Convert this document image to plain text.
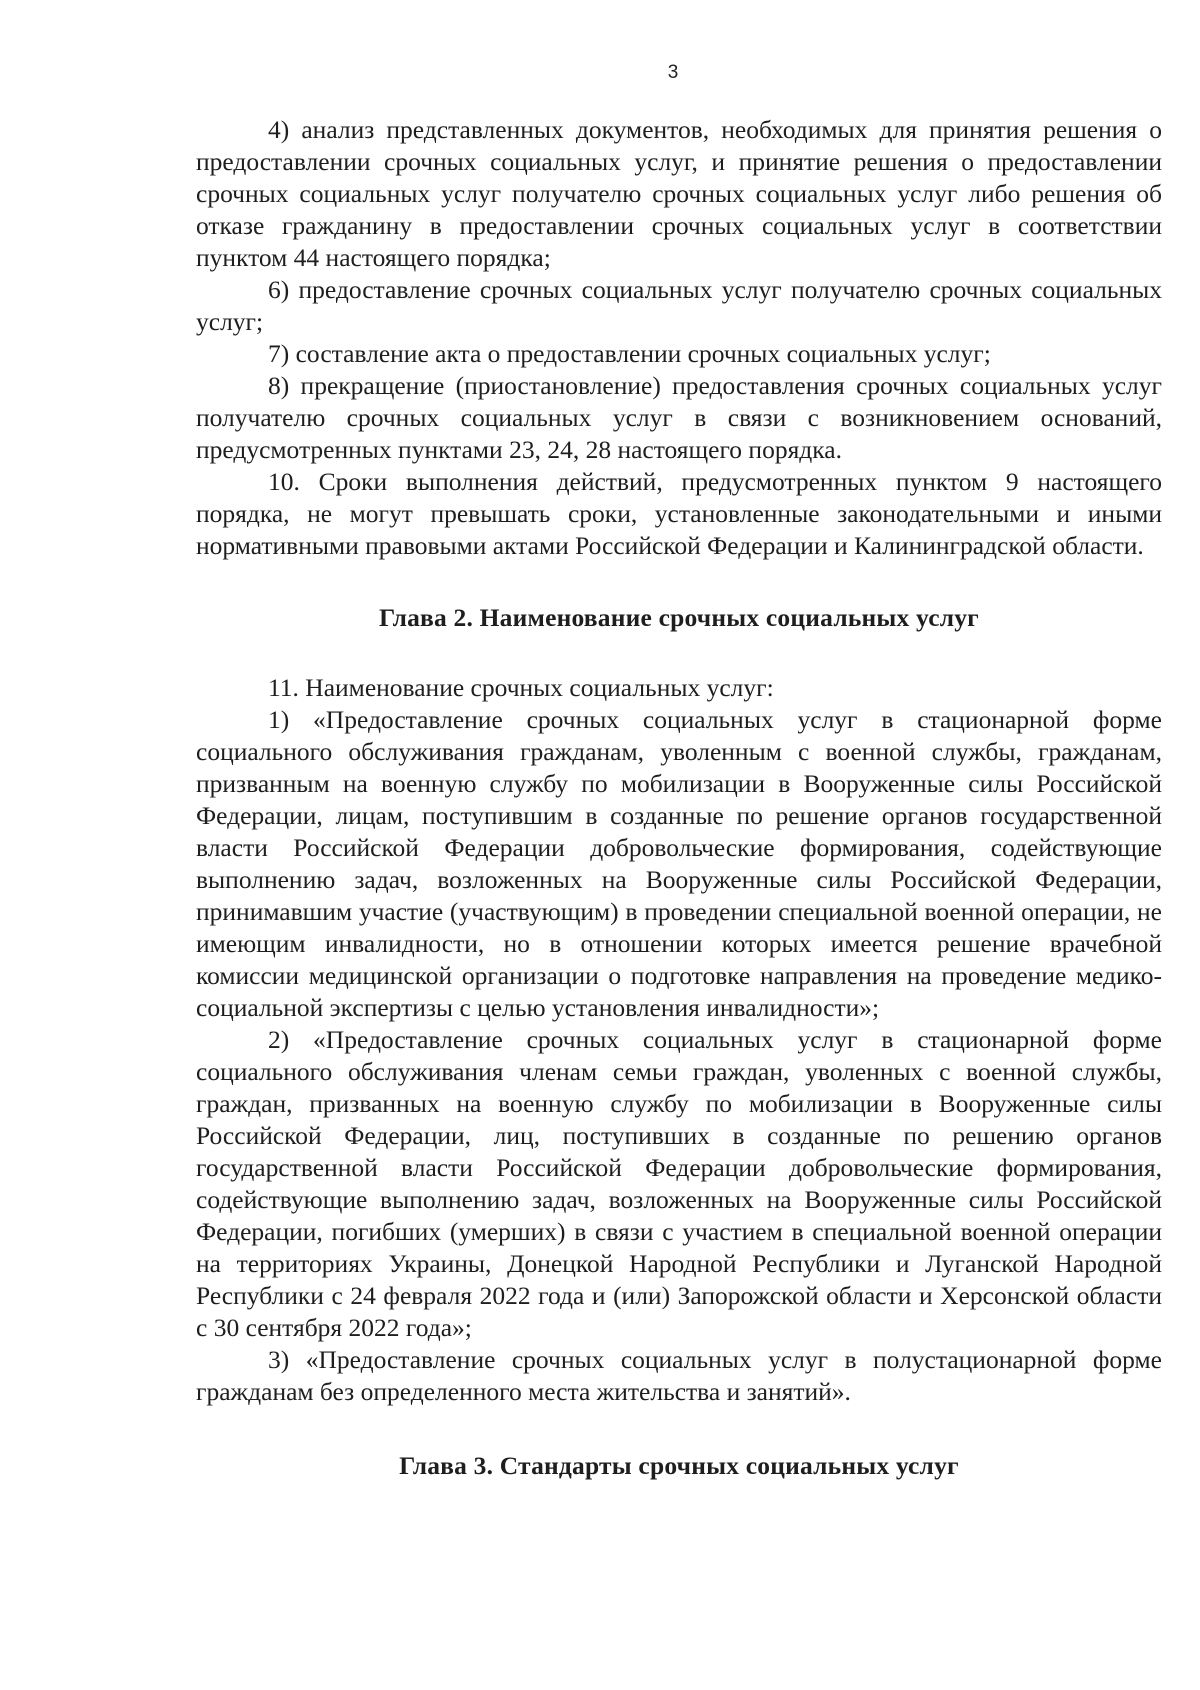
3

4) анализ представленных документов, необходимых для принятия решения о предоставлении срочных социальных услуг, и принятие решения о предоставлении срочных социальных услуг получателю срочных социальных услуг либо решения об отказе гражданину в предоставлении срочных социальных услуг в соответствии пунктом 44 настоящего порядка;

6) предоставление срочных социальных услуг получателю срочных социальных услуг;

7) составление акта о предоставлении срочных социальных услуг;

8) прекращение (приостановление) предоставления срочных социальных услуг получателю срочных социальных услуг в связи с возникновением оснований, предусмотренных пунктами 23, 24, 28 настоящего порядка.

10. Сроки выполнения действий, предусмотренных пунктом 9 настоящего порядка, не могут превышать сроки, установленные законодательными и иными нормативными правовыми актами Российской Федерации и Калининградской области.

Глава 2. Наименование срочных социальных услуг

11. Наименование срочных социальных услуг:

1) «Предоставление срочных социальных услуг в стационарной форме социального обслуживания гражданам, уволенным с военной службы, гражданам, призванным на военную службу по мобилизации в Вооруженные силы Российской Федерации, лицам, поступившим в созданные по решение органов государственной власти Российской Федерации добровольческие формирования, содействующие выполнению задач, возложенных на Вооруженные силы Российской Федерации, принимавшим участие (участвующим) в проведении специальной военной операции, не имеющим инвалидности, но в отношении которых имеется решение врачебной комиссии медицинской организации о подготовке направления на проведение медико-социальной экспертизы с целью установления инвалидности»;

2) «Предоставление срочных социальных услуг в стационарной форме социального обслуживания членам семьи граждан, уволенных с военной службы, граждан, призванных на военную службу по мобилизации в Вооруженные силы Российской Федерации, лиц, поступивших в созданные по решению органов государственной власти Российской Федерации добровольческие формирования, содействующие выполнению задач, возложенных на Вооруженные силы Российской Федерации, погибших (умерших) в связи с участием в специальной военной операции на территориях Украины, Донецкой Народной Республики и Луганской Народной Республики с 24 февраля 2022 года и (или) Запорожской области и Херсонской области с 30 сентября 2022 года»;

3) «Предоставление срочных социальных услуг в полустационарной форме гражданам без определенного места жительства и занятий».

Глава 3. Стандарты срочных социальных услуг
